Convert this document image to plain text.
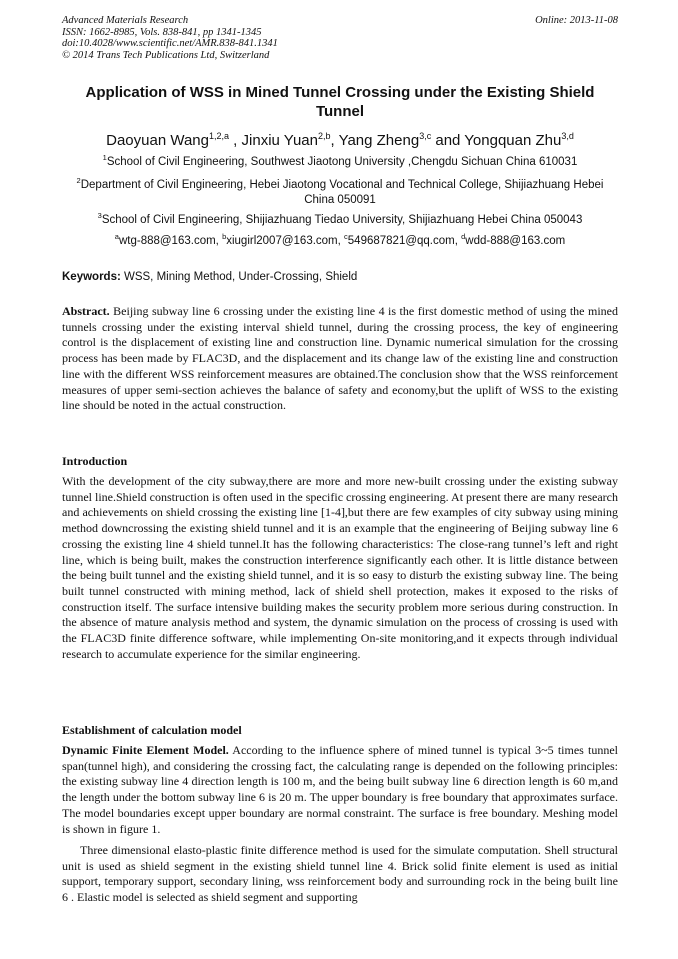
Advanced Materials Research
ISSN: 1662-8985, Vols. 838-841, pp 1341-1345
doi:10.4028/www.scientific.net/AMR.838-841.1341
© 2014 Trans Tech Publications Ltd, Switzerland
Online: 2013-11-08
Application of WSS in Mined Tunnel Crossing under the Existing Shield Tunnel
Daoyuan Wang$^{1,2,a}$ , Jinxiu Yuan$^{2,b}$, Yang Zheng$^{3,c}$ and Yongquan Zhu$^{3,d}$
$^1$School of Civil Engineering, Southwest Jiaotong University ,Chengdu Sichuan China 610031
$^2$Department of Civil Engineering, Hebei Jiaotong Vocational and Technical College, Shijiazhuang Hebei China 050091
$^3$School of Civil Engineering, Shijiazhuang Tiedao University, Shijiazhuang Hebei China 050043
$^a$wtg-888@163.com, $^b$xiugirl2007@163.com, $^c$549687821@qq.com, $^d$wdd-888@163.com
Keywords: WSS, Mining Method, Under-Crossing, Shield
Abstract. Beijing subway line 6 crossing under the existing line 4 is the first domestic method of using the mined tunnels crossing under the existing interval shield tunnel, during the crossing process, the key of engineering control is the displacement of existing line and construction line. Dynamic numerical simulation for the crossing process has been made by FLAC3D, and the displacement and its change law of the existing line and construction line with the different WSS reinforcement measures are obtained.The conclusion show that the WSS reinforcement measures of upper semi-section achieves the balance of safety and economy,but the uplift of WSS to the existing line should be noted in the actual construction.
Introduction
With the development of the city subway,there are more and more new-built crossing under the existing subway tunnel line.Shield construction is often used in the specific crossing engineering. At present there are many research and achievements on shield crossing the existing line [1-4],but there are few examples of city subway using mining method downcrossing the existing shield tunnel and it is an example that the engineering of Beijing subway line 6 crossing the existing line 4 shield tunnel.It has the following characteristics: The close-rang tunnel’s left and right line, which is being built, makes the construction interference significantly each other. It is little distance between the being built tunnel and the existing shield tunnel, and it is so easy to disturb the existing subway line. The being built tunnel constructed with mining method, lack of shield shell protection, makes it exposed to the risks of construction itself. The surface intensive building makes the security problem more serious during construction. In the absence of mature analysis method and system, the dynamic simulation on the process of crossing is used with the FLAC3D finite difference software, while implementing On-site monitoring,and it expects through individual research to accumulate experience for the similar engineering.
Establishment of calculation model
Dynamic Finite Element Model. According to the influence sphere of mined tunnel is typical 3~5 times tunnel span(tunnel high), and considering the crossing fact, the calculating range is depended on the following principles: the existing subway line 4 direction length is 100 m, and the being built subway line 6 direction length is 60 m,and the length under the bottom subway line 6 is 20 m. The upper boundary is free boundary that approximates surface. The model boundaries except upper boundary are normal constraint. The surface is free boundary. Meshing model is shown in figure 1.
Three dimensional elasto-plastic finite difference method is used for the simulate computation. Shell structural unit is used as shield segment in the existing shield tunnel line 4. Brick solid finite element is used as initial support, temporary support, secondary lining, wss reinforcement body and surrounding rock in the being built line 6 . Elastic model is selected as shield segment and supporting
